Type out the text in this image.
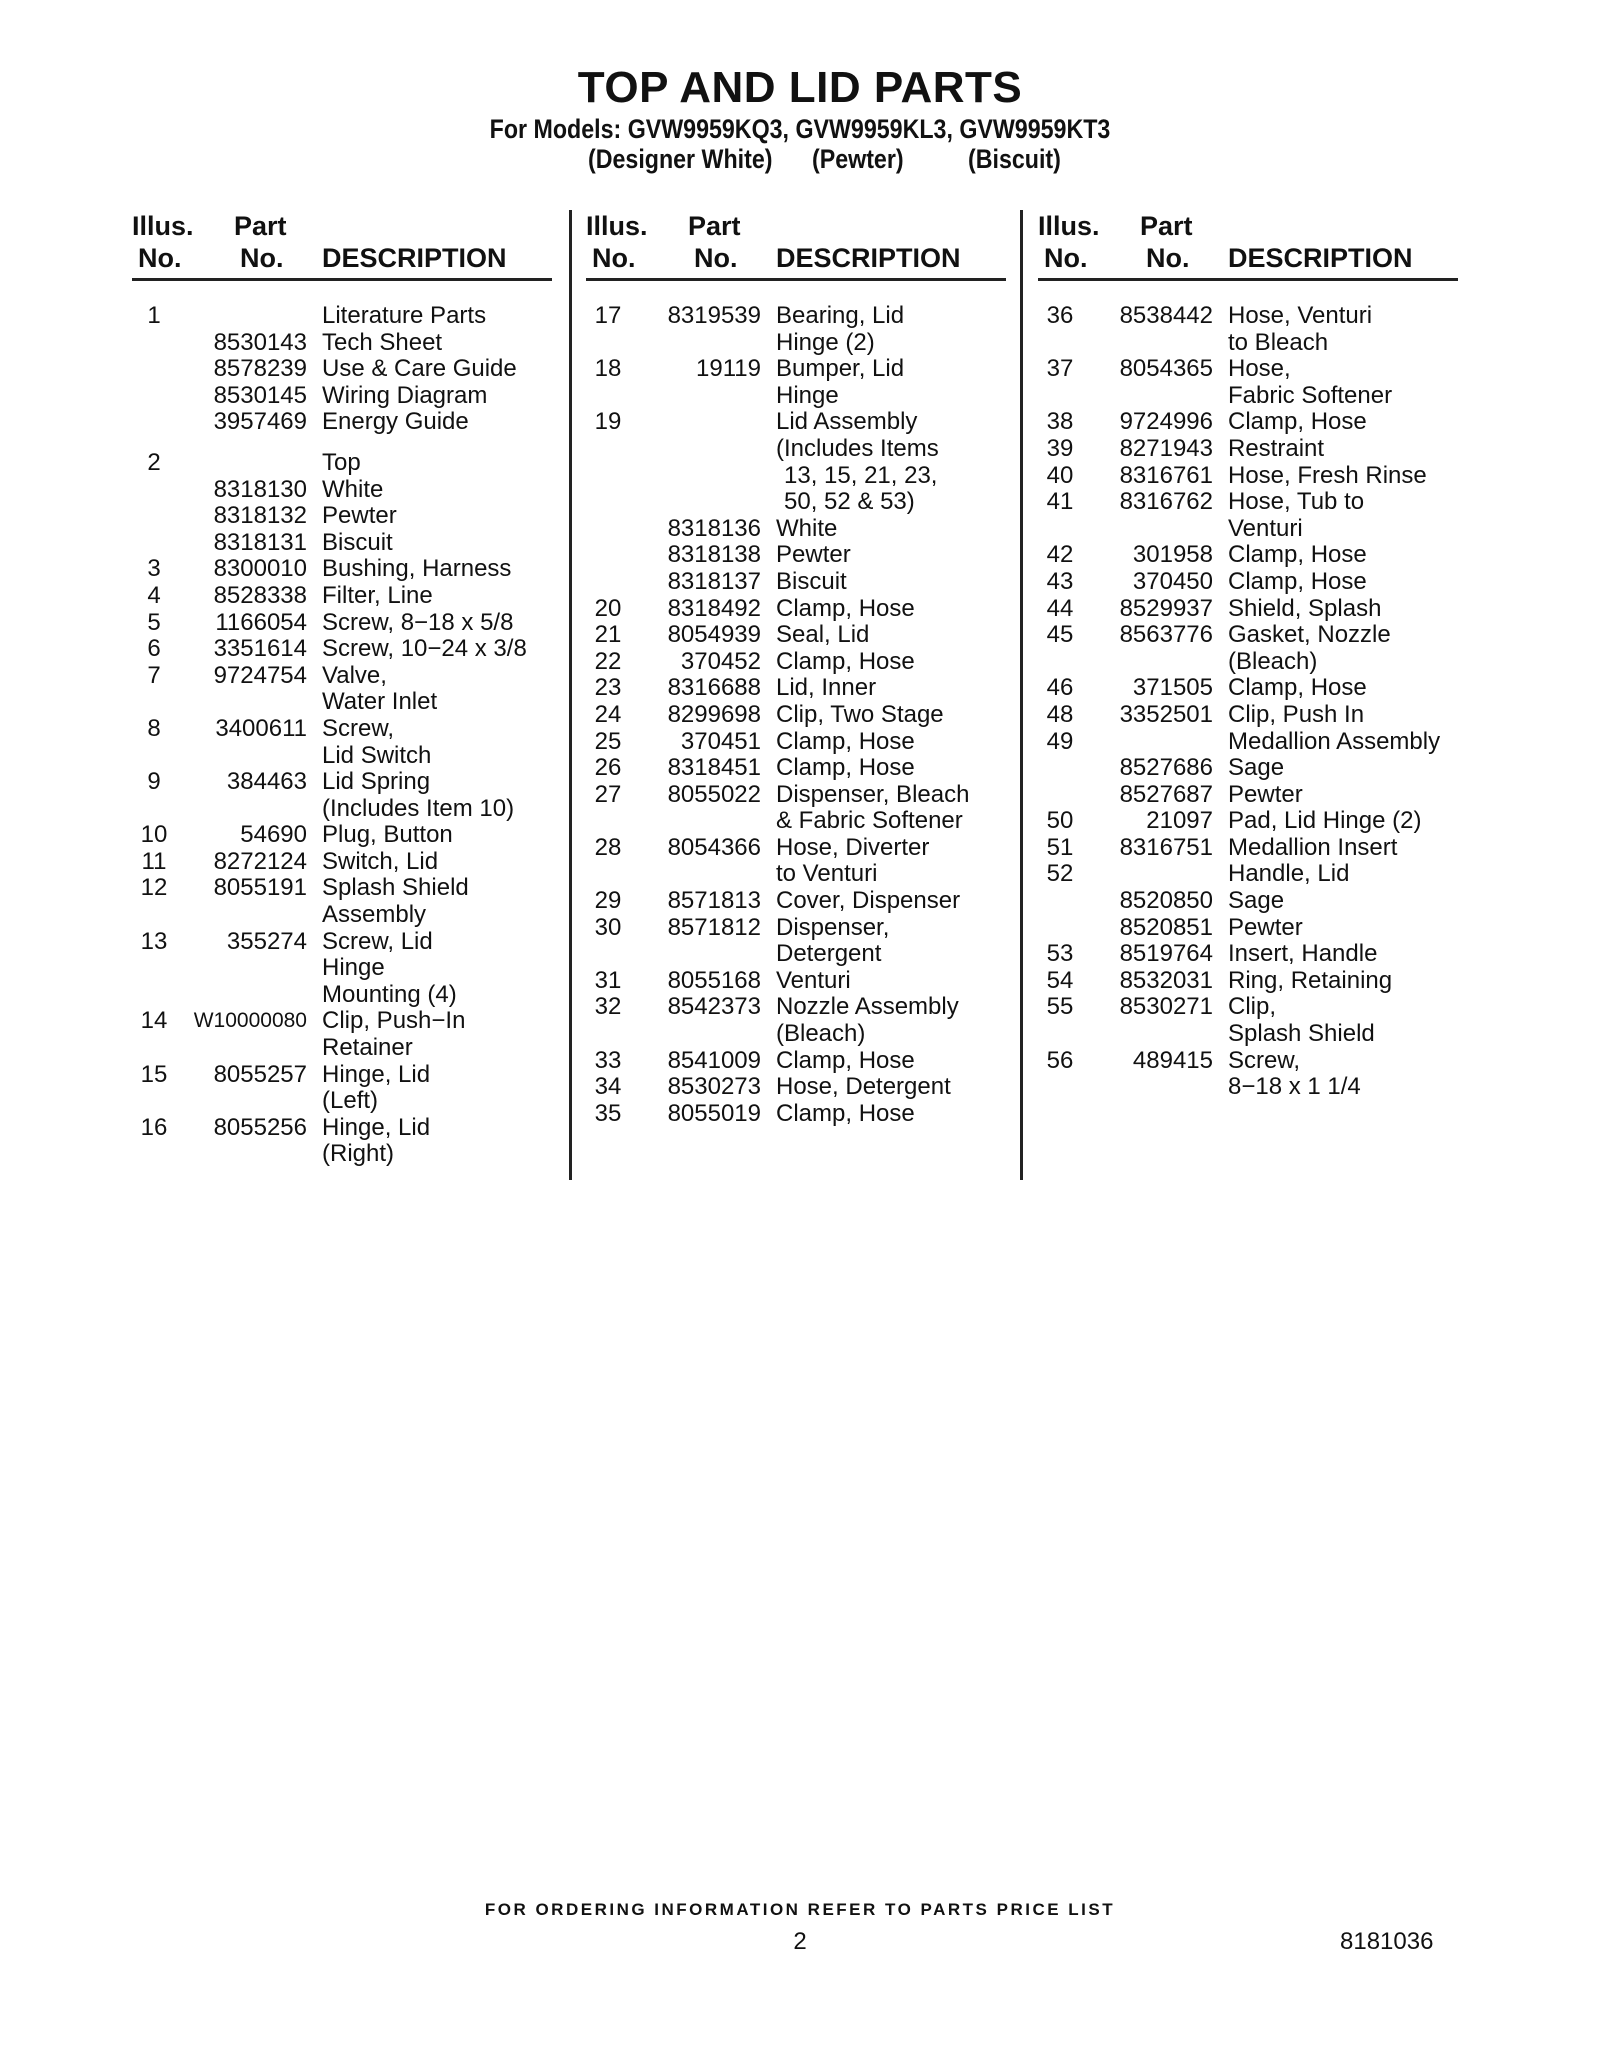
TOP AND LID PARTS
For Models: GVW9959KQ3, GVW9959KL3, GVW9959KT3
(Designer White) (Pewter) (Biscuit)
Illus.
No.
Part
No. DESCRIPTION
1	Literature Parts
8530143 Tech Sheet
8578239 Use & Care Guide
8530145 Wiring Diagram
3957469 Energy Guide
2	Top
8318130 White
8318132 Pewter
8318131 Biscuit
3	8300010 Bushing, Harness
4	8528338 Filter, Line
5	1166054 Screw, 8−18 x 5/8
6	3351614 Screw, 10−24 x 3/8
7	9724754 Valve,
Water Inlet
8	3400611 Screw,
Lid Switch
9	384463 Lid Spring
(Includes Item 10)
10	54690 Plug, Button
11	8272124 Switch, Lid
12	8055191 Splash Shield
Assembly
13	355274 Screw, Lid
Hinge
Mounting (4)
14	W10000080 Clip, Push−In
Retainer
15	8055257 Hinge, Lid
(Left)
16	8055256 Hinge, Lid
(Right)
Illus.
No.
Part
No. DESCRIPTION
17	8319539 Bearing, Lid
Hinge (2)
18	19119 Bumper, Lid
Hinge
19	Lid Assembly
(Includes Items
13, 15, 21, 23,
50, 52 & 53)
8318136 White
8318138 Pewter
8318137 Biscuit
20	8318492 Clamp, Hose
21	8054939 Seal, Lid
22	370452 Clamp, Hose
23	8316688 Lid, Inner
24	8299698 Clip, Two Stage
25	370451 Clamp, Hose
26	8318451 Clamp, Hose
27	8055022 Dispenser, Bleach
& Fabric Softener
28	8054366 Hose, Diverter
to Venturi
29	8571813 Cover, Dispenser
30	8571812 Dispenser,
Detergent
31	8055168 Venturi
32	8542373 Nozzle Assembly
(Bleach)
33	8541009 Clamp, Hose
34	8530273 Hose, Detergent
35	8055019 Clamp, Hose
Illus.
No.
Part
No. DESCRIPTION
36	8538442 Hose, Venturi
to Bleach
37	8054365 Hose,
Fabric Softener
38	9724996 Clamp, Hose
39	8271943 Restraint
40	8316761 Hose, Fresh Rinse
41	8316762 Hose, Tub to
Venturi
42	301958 Clamp, Hose
43	370450 Clamp, Hose
44	8529937 Shield, Splash
45	8563776 Gasket, Nozzle
(Bleach)
46	371505 Clamp, Hose
48	3352501 Clip, Push In
49	Medallion Assembly
8527686 Sage
8527687 Pewter
50	21097 Pad, Lid Hinge (2)
51	8316751 Medallion Insert
52	Handle, Lid
8520850 Sage
8520851 Pewter
53	8519764 Insert, Handle
54	8532031 Ring, Retaining
55	8530271 Clip,
Splash Shield
56	489415 Screw,
8−18 x 1 1/4
FOR ORDERING INFORMATION REFER TO PARTS PRICE LIST
2	8181036
